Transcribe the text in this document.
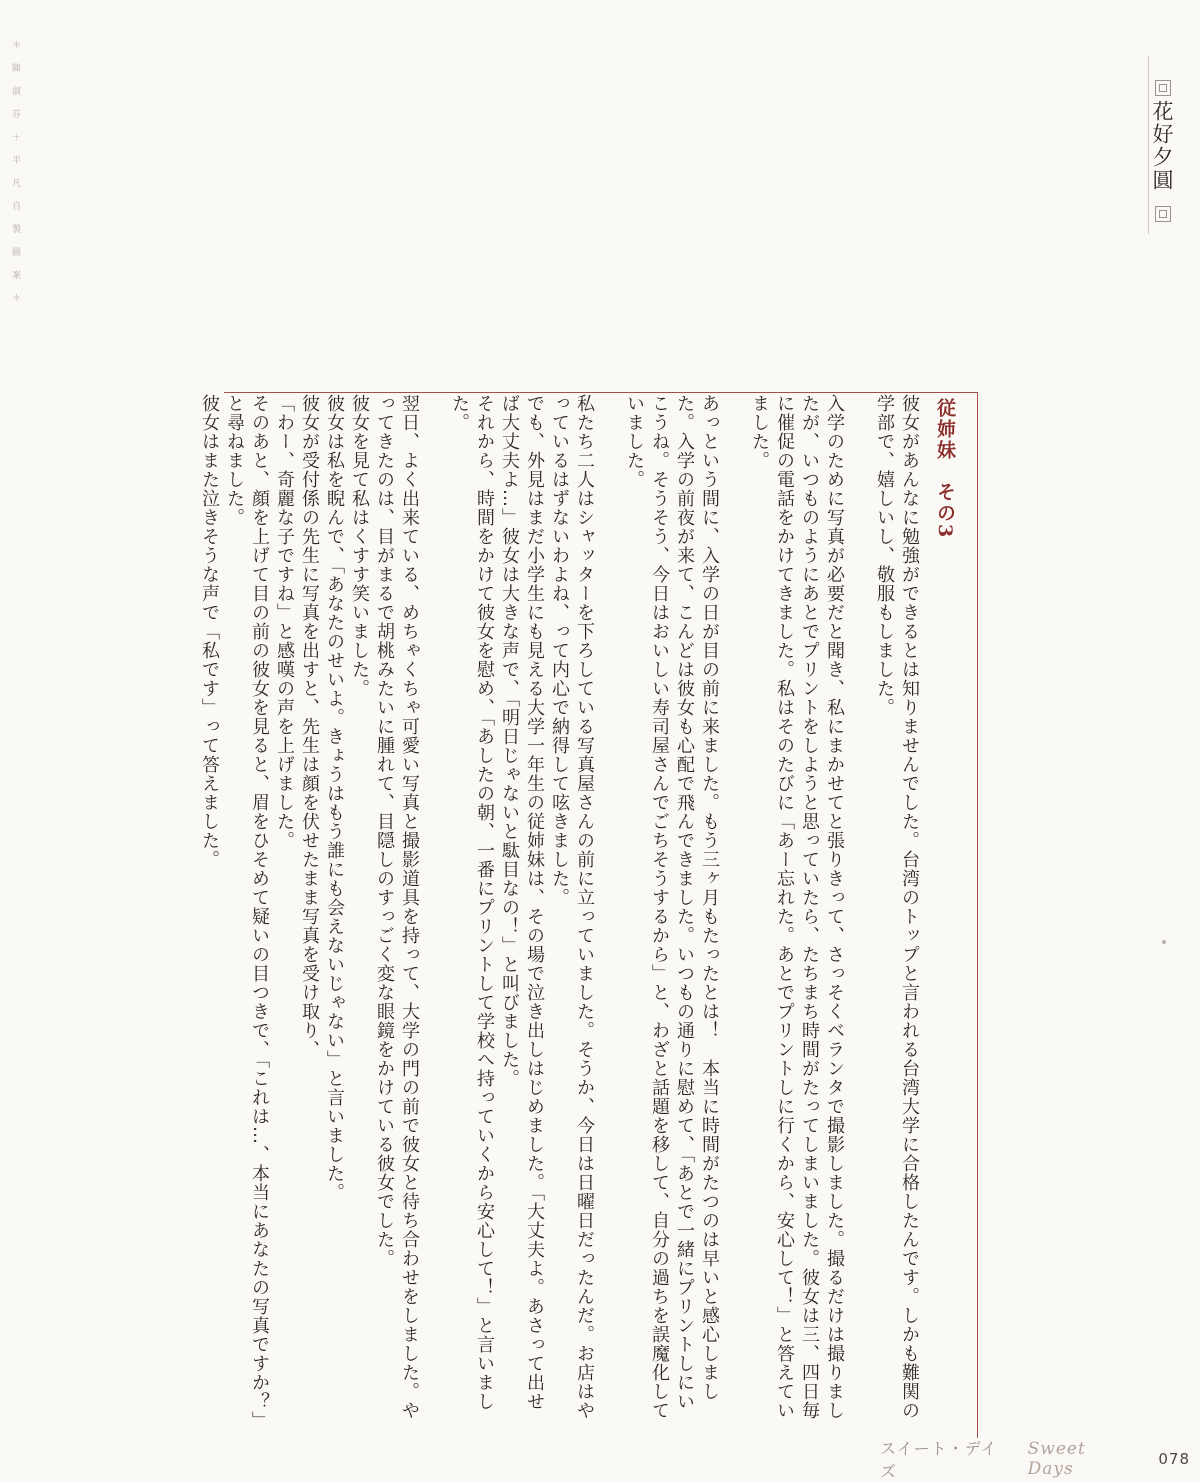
＊陳淑芬＋平凡自製圖案＊	花好夕圓
従姉妹　その3

彼女があんなに勉強ができるとは知りませんでした。台湾のトップと言われる台湾大学に合格したんです。しかも難関の学部で、嬉しいし、敬服もしました。

入学のために写真が必要だと聞き、私にまかせてと張りきって、さっそくベランタで撮影しました。撮るだけは撮りましたが、いつものようにあとでプリントをしようと思っていたら、たちまち時間がたってしまいました。彼女は三、四日毎に催促の電話をかけてきました。私はそのたびに「あー忘れた。あとでプリントしに行くから、安心して！」と答えていました。

あっという間に、入学の日が目の前に来ました。もう三ヶ月もたったとは！　本当に時間がたつのは早いと感心しました。入学の前夜が来て、こんどは彼女も心配で飛んできました。いつもの通りに慰めて、「あとで一緒にプリントしにいこうね。そうそう、今日はおいしい寿司屋さんでごちそうするから」と、わざと話題を移して、自分の過ちを誤魔化していました。

私たち二人はシャッターを下ろしている写真屋さんの前に立っていました。そうか、今日は日曜日だったんだ。お店はやっているはずないわよね、って内心で納得して呟きました。

でも、外見はまだ小学生にも見える大学一年生の従姉妹は、その場で泣き出しはじめました。「大丈夫よ。あさって出せば大丈夫よ…」彼女は大きな声で、「明日じゃないと駄目なの！」と叫びました。

それから、時間をかけて彼女を慰め、「あしたの朝、一番にプリントして学校へ持っていくから安心して！」と言いました。

翌日、よく出来ている、めちゃくちゃ可愛い写真と撮影道具を持って、大学の門の前で彼女と待ち合わせをしました。やってきたのは、目がまるで胡桃みたいに腫れて、目隠しのすっごく変な眼鏡をかけている彼女でした。

彼女を見て私はくすす笑いました。

彼女は私を睨んで、「あなたのせいよ。きょうはもう誰にも会えないじゃない」と言いました。

彼女が受付係の先生に写真を出すと、先生は顔を伏せたまま写真を受け取り、

「わー、奇麗な子ですね」と感嘆の声を上げました。

そのあと、顔を上げて目の前の彼女を見ると、眉をひそめて疑いの目つきで、「これは…、本当にあなたの写真ですか？」と尋ねました。

彼女はまた泣きそうな声で「私です」って答えました。

スイート・デイズ
Sweet Days	078
